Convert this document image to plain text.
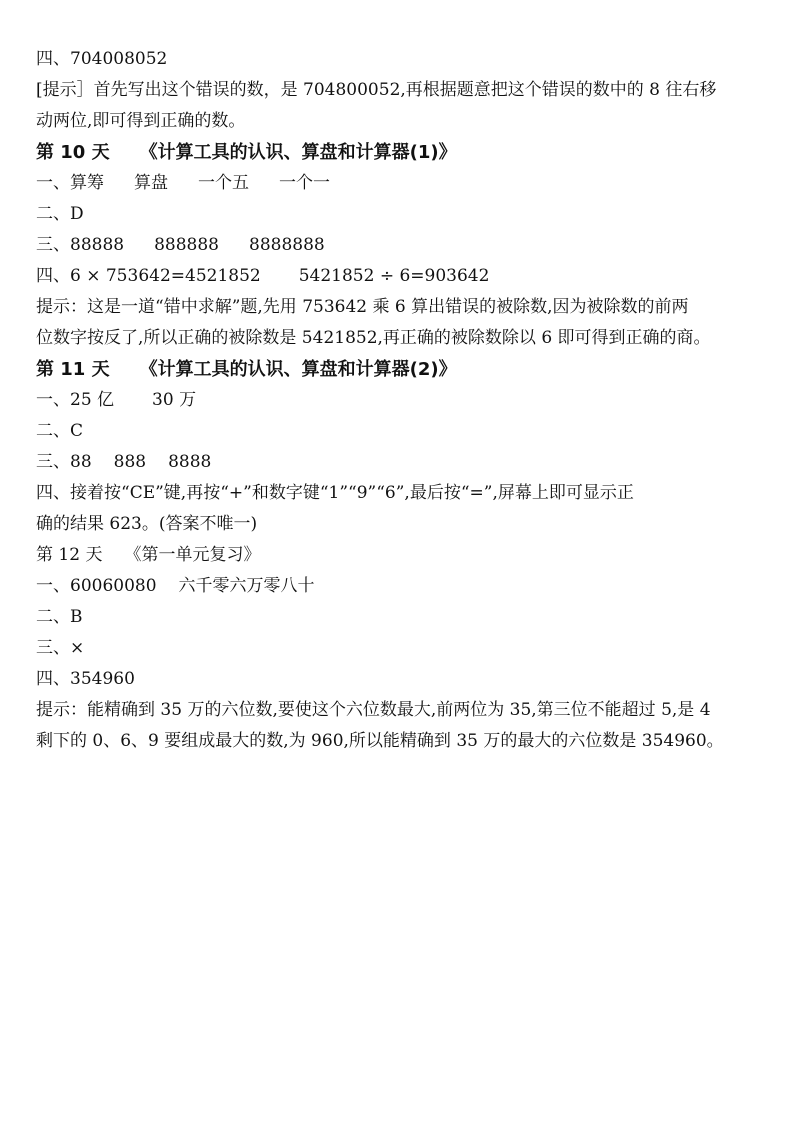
四、704008052
[提示］首先写出这个错误的数，是 704800052,再根据题意把这个错误的数中的 8 往右移
动两位,即可得到正确的数。
第 10 天 《计算工具的认识、算盘和计算器(1)》
一、算筹 算盘 一个五 一个一
二、D
三、88888 888888 8888888
四、6 × 753642=4521852 5421852 ÷ 6=903642
提示：这是一道“错中求解”题,先用 753642 乘 6 算出错误的被除数,因为被除数的前两
位数字按反了,所以正确的被除数是 5421852,再正确的被除数除以 6 即可得到正确的商。
第 11 天 《计算工具的认识、算盘和计算器(2)》
一、25 亿 30 万
二、C
三、88 888 8888
四、接着按“CE”键,再按“+”和数字键“1”“9”“6”,最后按“=”,屏幕上即可显示正
确的结果 623。(答案不唯一)
第 12 天 《第一单元复习》
一、60060080 六千零六万零八十
二、B
三、×
四、354960
提示：能精确到 35 万的六位数,要使这个六位数最大,前两位为 35,第三位不能超过 5,是 4
剩下的 0、6、9 要组成最大的数,为 960,所以能精确到 35 万的最大的六位数是 354960。
